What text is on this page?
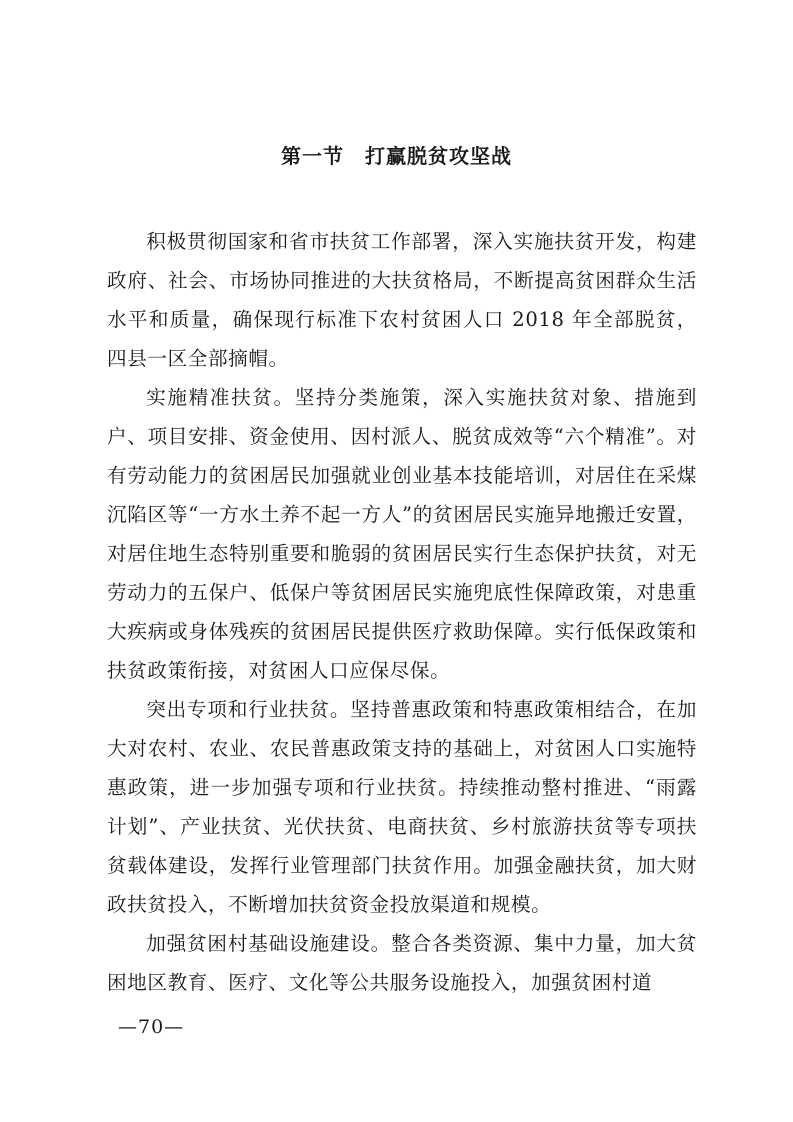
第一节　打赢脱贫攻坚战

积极贯彻国家和省市扶贫工作部署，深入实施扶贫开发，构建政府、社会、市场协同推进的大扶贫格局，不断提高贫困群众生活水平和质量，确保现行标准下农村贫困人口 2018 年全部脱贫，四县一区全部摘帽。

实施精准扶贫。坚持分类施策，深入实施扶贫对象、措施到户、项目安排、资金使用、因村派人、脱贫成效等“六个精准”。对有劳动能力的贫困居民加强就业创业基本技能培训，对居住在采煤沉陷区等“一方水土养不起一方人”的贫困居民实施异地搬迁安置，对居住地生态特别重要和脆弱的贫困居民实行生态保护扶贫，对无劳动力的五保户、低保户等贫困居民实施兜底性保障政策，对患重大疾病或身体残疾的贫困居民提供医疗救助保障。实行低保政策和扶贫政策衔接，对贫困人口应保尽保。

突出专项和行业扶贫。坚持普惠政策和特惠政策相结合，在加大对农村、农业、农民普惠政策支持的基础上，对贫困人口实施特惠政策，进一步加强专项和行业扶贫。持续推动整村推进、“雨露计划”、产业扶贫、光伏扶贫、电商扶贫、乡村旅游扶贫等专项扶贫载体建设，发挥行业管理部门扶贫作用。加强金融扶贫，加大财政扶贫投入，不断增加扶贫资金投放渠道和规模。

加强贫困村基础设施建设。整合各类资源、集中力量，加大贫困地区教育、医疗、文化等公共服务设施投入，加强贫困村道

—70—
